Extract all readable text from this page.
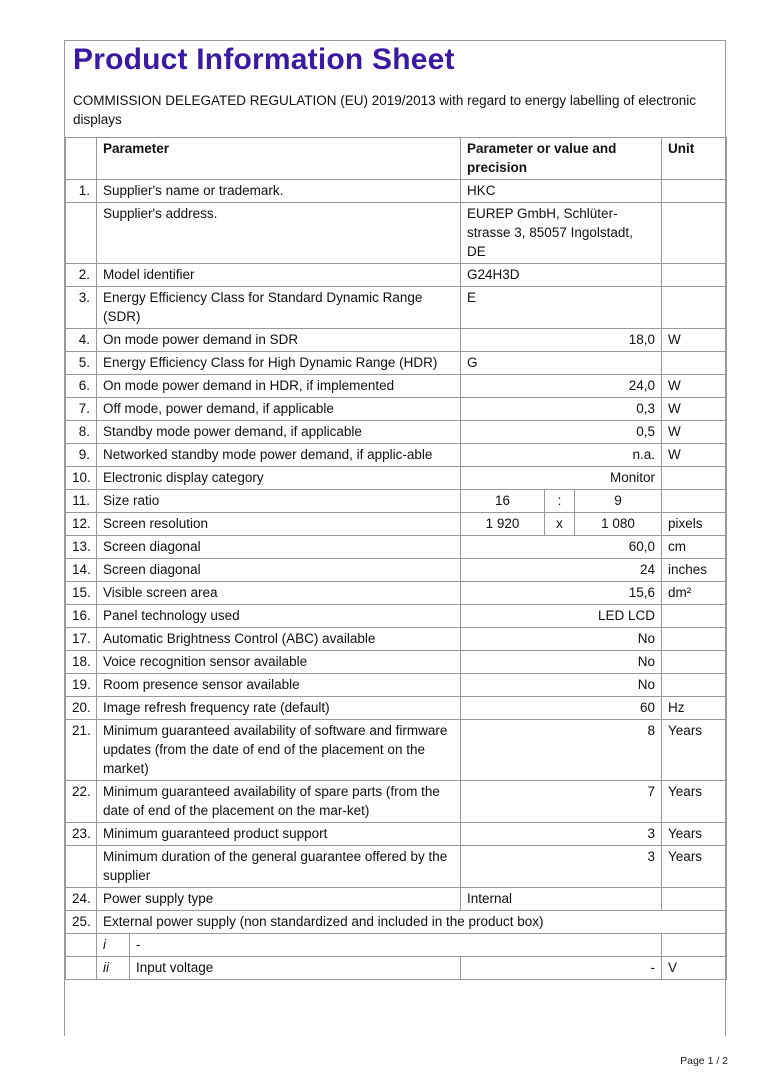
Product Information Sheet
COMMISSION DELEGATED REGULATION (EU) 2019/2013 with regard to energy labelling of electronic displays
	Parameter		Parameter or value and precision			Unit
1.	Supplier's name or trademark.		HKC			
	Supplier's address.		EUREP GmbH, Schlüter-strasse 3, 85057 Ingolstadt, DE			
2.	Model identifier		G24H3D			
3.	Energy Efficiency Class for Standard Dynamic Range (SDR)		E			
4.	On mode power demand in SDR		18,0			W
5.	Energy Efficiency Class for High Dynamic Range (HDR)		G			
6.	On mode power demand in HDR, if implemented		24,0			W
7.	Off mode, power demand, if applicable		0,3			W
8.	Standby mode power demand, if applicable		0,5			W
9.	Networked standby mode power demand, if applic-able		n.a.			W
10.	Electronic display category		Monitor			
11.	Size ratio		16	:	9	
12.	Screen resolution		1 920	x	1 080	pixels
13.	Screen diagonal		60,0			cm
14.	Screen diagonal		24			inches
15.	Visible screen area		15,6			dm²
16.	Panel technology used		LED LCD			
17.	Automatic Brightness Control (ABC) available		No			
18.	Voice recognition sensor available		No			
19.	Room presence sensor available		No			
20.	Image refresh frequency rate (default)		60			Hz
21.	Minimum guaranteed availability of software and firmware updates (from the date of end of the placement on the market)		8			Years
22.	Minimum guaranteed availability of spare parts (from the date of end of the placement on the mar-ket)		7			Years
23.	Minimum guaranteed product support		3			Years
	Minimum duration of the general guarantee offered by the supplier		3			Years
24.	Power supply type		Internal			
25.	External power supply (non standardized and included in the product box)					
	i	-				
	ii	Input voltage	-			V
Page 1 / 2
